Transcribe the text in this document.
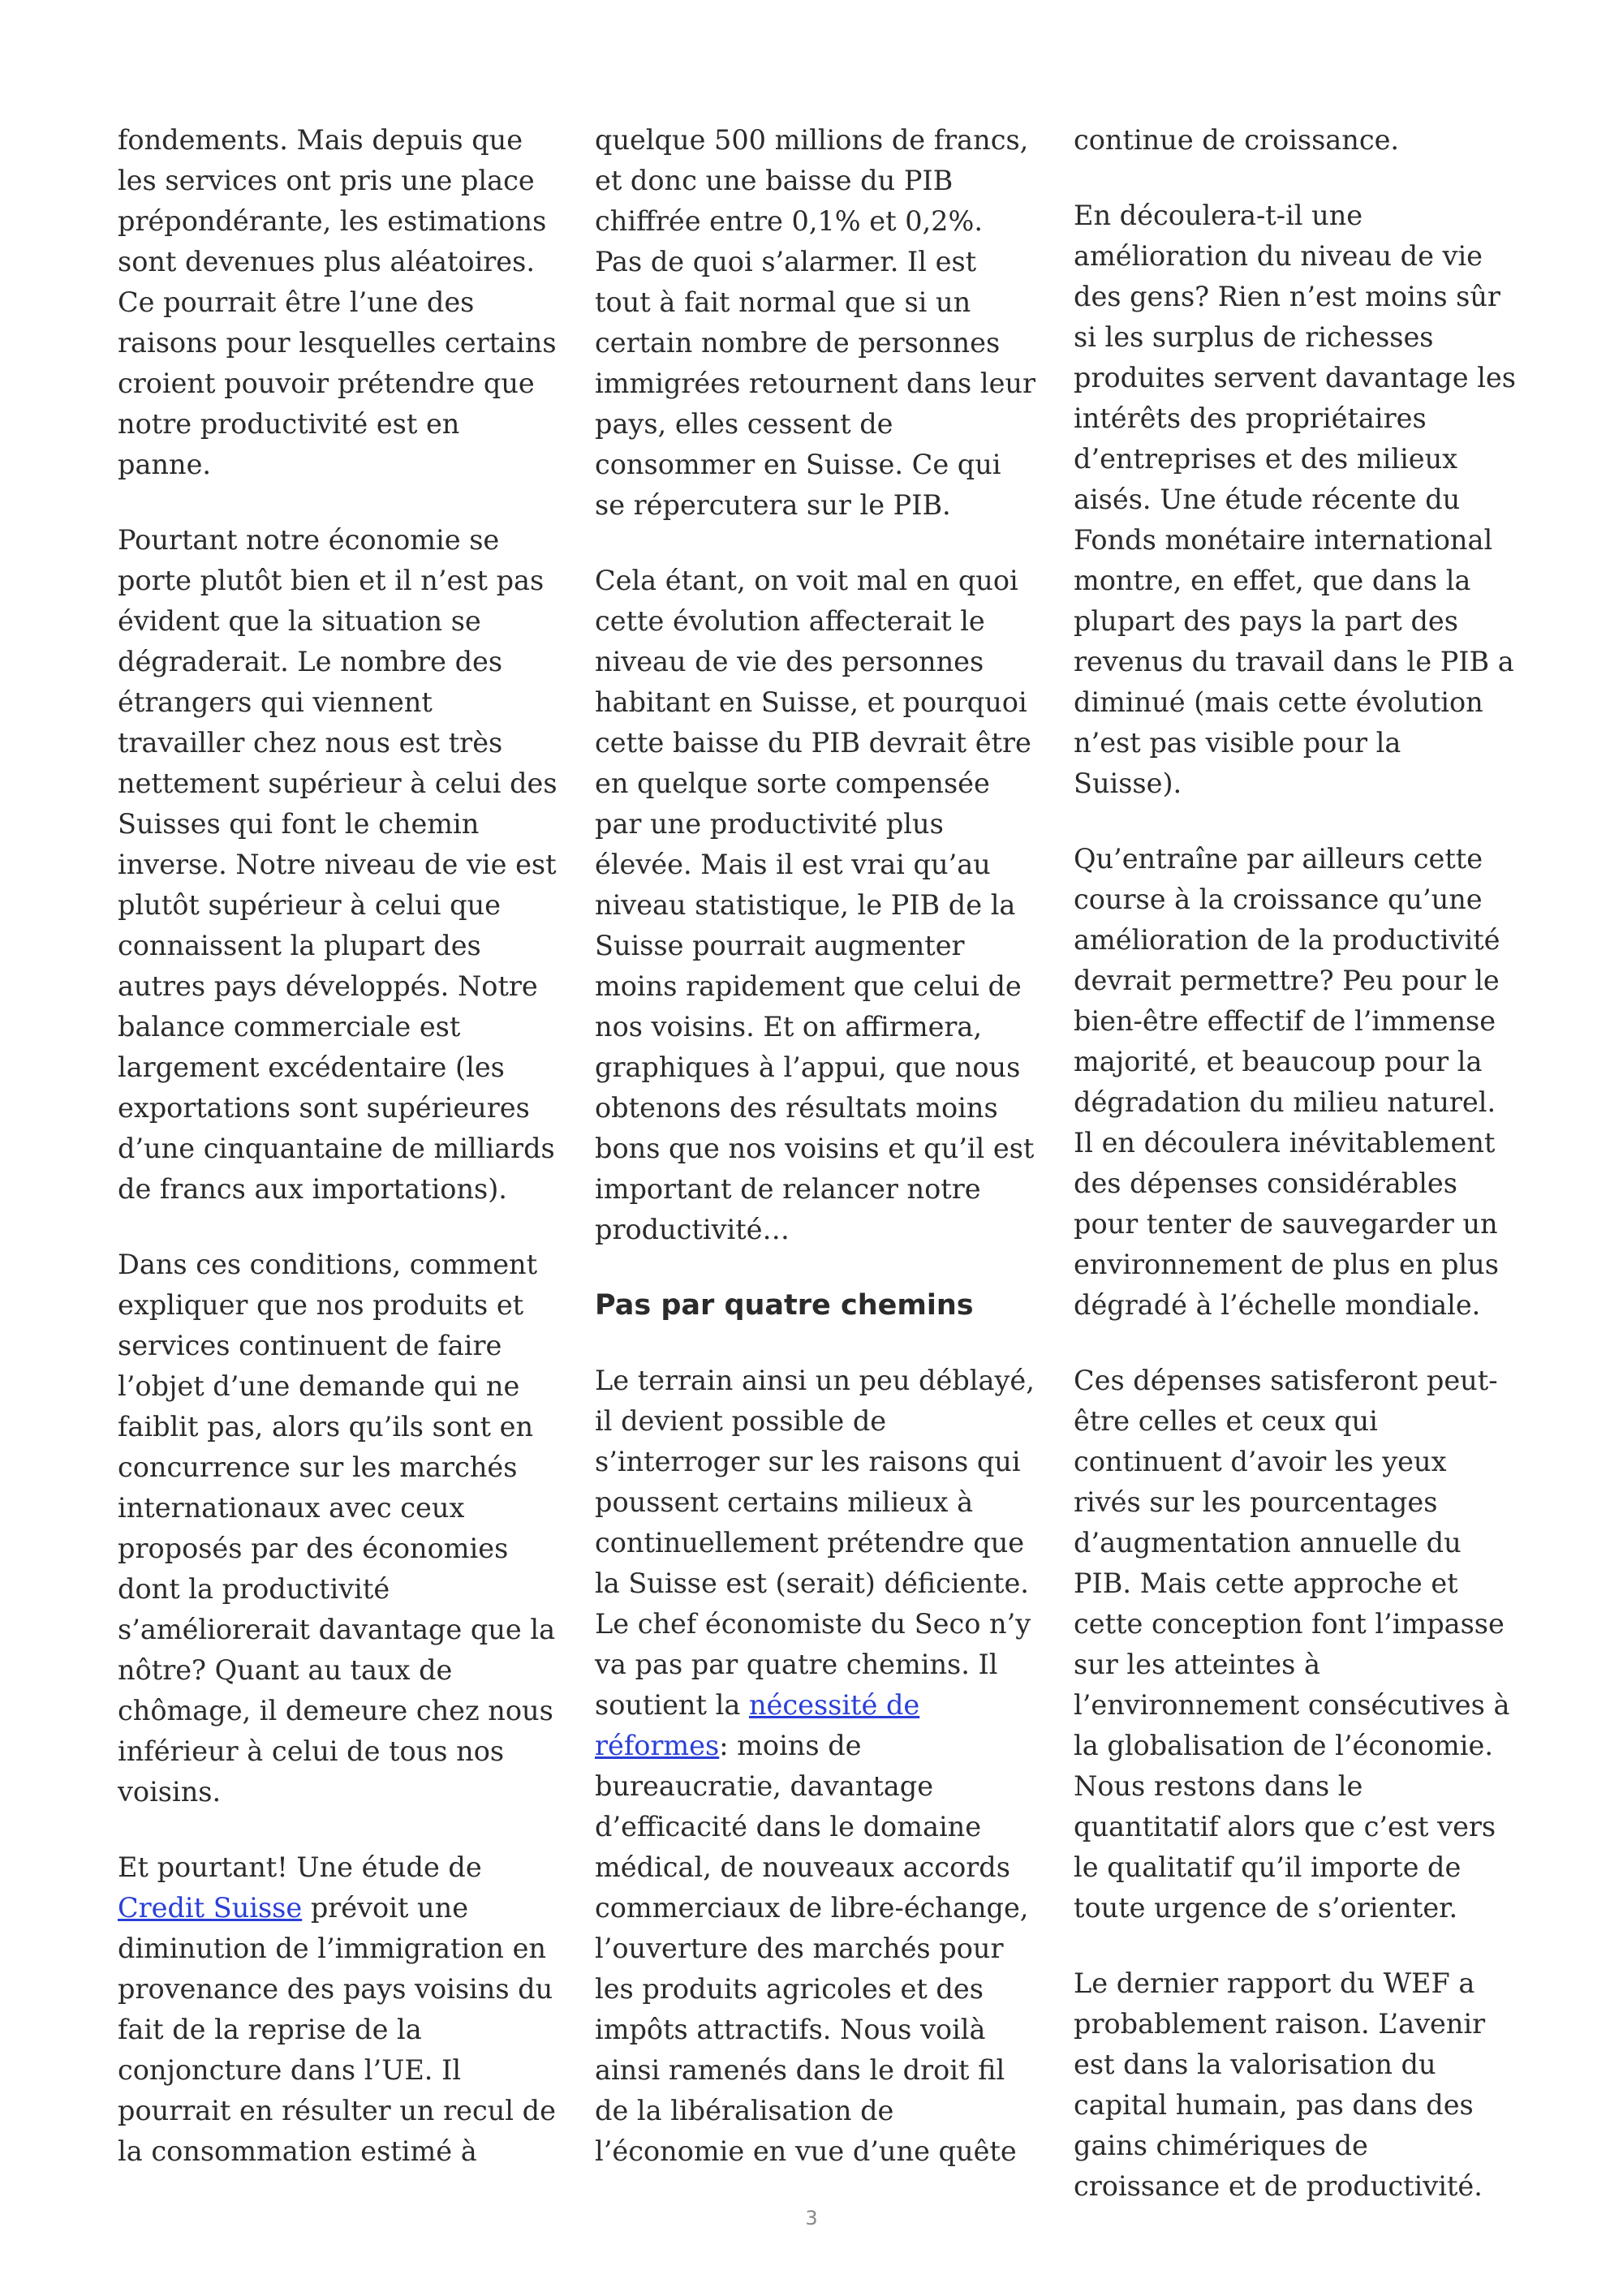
fondements. Mais depuis que les services ont pris une place prépondérante, les estimations sont devenues plus aléatoires. Ce pourrait être l’une des raisons pour lesquelles certains croient pouvoir prétendre que notre productivité est en panne.

Pourtant notre économie se porte plutôt bien et il n’est pas évident que la situation se dégraderait. Le nombre des étrangers qui viennent travailler chez nous est très nettement supérieur à celui des Suisses qui font le chemin inverse. Notre niveau de vie est plutôt supérieur à celui que connaissent la plupart des autres pays développés. Notre balance commerciale est largement excédentaire (les exportations sont supérieures d’une cinquantaine de milliards de francs aux importations).

Dans ces conditions, comment expliquer que nos produits et services continuent de faire l’objet d’une demande qui ne faiblit pas, alors qu’ils sont en concurrence sur les marchés internationaux avec ceux proposés par des économies dont la productivité s’améliorerait davantage que la nôtre? Quant au taux de chômage, il demeure chez nous inférieur à celui de tous nos voisins.

Et pourtant! Une étude de Credit Suisse prévoit une diminution de l’immigration en provenance des pays voisins du fait de la reprise de la conjoncture dans l’UE. Il pourrait en résulter un recul de la consommation estimé à

quelque 500 millions de francs, et donc une baisse du PIB chiffrée entre 0,1% et 0,2%. Pas de quoi s’alarmer. Il est tout à fait normal que si un certain nombre de personnes immigrées retournent dans leur pays, elles cessent de consommer en Suisse. Ce qui se répercutera sur le PIB.

Cela étant, on voit mal en quoi cette évolution affecterait le niveau de vie des personnes habitant en Suisse, et pourquoi cette baisse du PIB devrait être en quelque sorte compensée par une productivité plus élevée. Mais il est vrai qu’au niveau statistique, le PIB de la Suisse pourrait augmenter moins rapidement que celui de nos voisins. Et on affirmera, graphiques à l’appui, que nous obtenons des résultats moins bons que nos voisins et qu’il est important de relancer notre productivité…

Pas par quatre chemins

Le terrain ainsi un peu déblayé, il devient possible de s’interroger sur les raisons qui poussent certains milieux à continuellement prétendre que la Suisse est (serait) déficiente. Le chef économiste du Seco n’y va pas par quatre chemins. Il soutient la nécessité de réformes: moins de bureaucratie, davantage d’efficacité dans le domaine médical, de nouveaux accords commerciaux de libre-échange, l’ouverture des marchés pour les produits agricoles et des impôts attractifs. Nous voilà ainsi ramenés dans le droit fil de la libéralisation de l’économie en vue d’une quête

continue de croissance.

En découlera-t-il une amélioration du niveau de vie des gens? Rien n’est moins sûr si les surplus de richesses produites servent davantage les intérêts des propriétaires d’entreprises et des milieux aisés. Une étude récente du Fonds monétaire international montre, en effet, que dans la plupart des pays la part des revenus du travail dans le PIB a diminué (mais cette évolution n’est pas visible pour la Suisse).

Qu’entraîne par ailleurs cette course à la croissance qu’une amélioration de la productivité devrait permettre? Peu pour le bien-être effectif de l’immense majorité, et beaucoup pour la dégradation du milieu naturel. Il en découlera inévitablement des dépenses considérables pour tenter de sauvegarder un environnement de plus en plus dégradé à l’échelle mondiale.

Ces dépenses satisferont peut-être celles et ceux qui continuent d’avoir les yeux rivés sur les pourcentages d’augmentation annuelle du PIB. Mais cette approche et cette conception font l’impasse sur les atteintes à l’environnement consécutives à la globalisation de l’économie. Nous restons dans le quantitatif alors que c’est vers le qualitatif qu’il importe de toute urgence de s’orienter.

Le dernier rapport du WEF a probablement raison. L’avenir est dans la valorisation du capital humain, pas dans des gains chimériques de croissance et de productivité.

3
